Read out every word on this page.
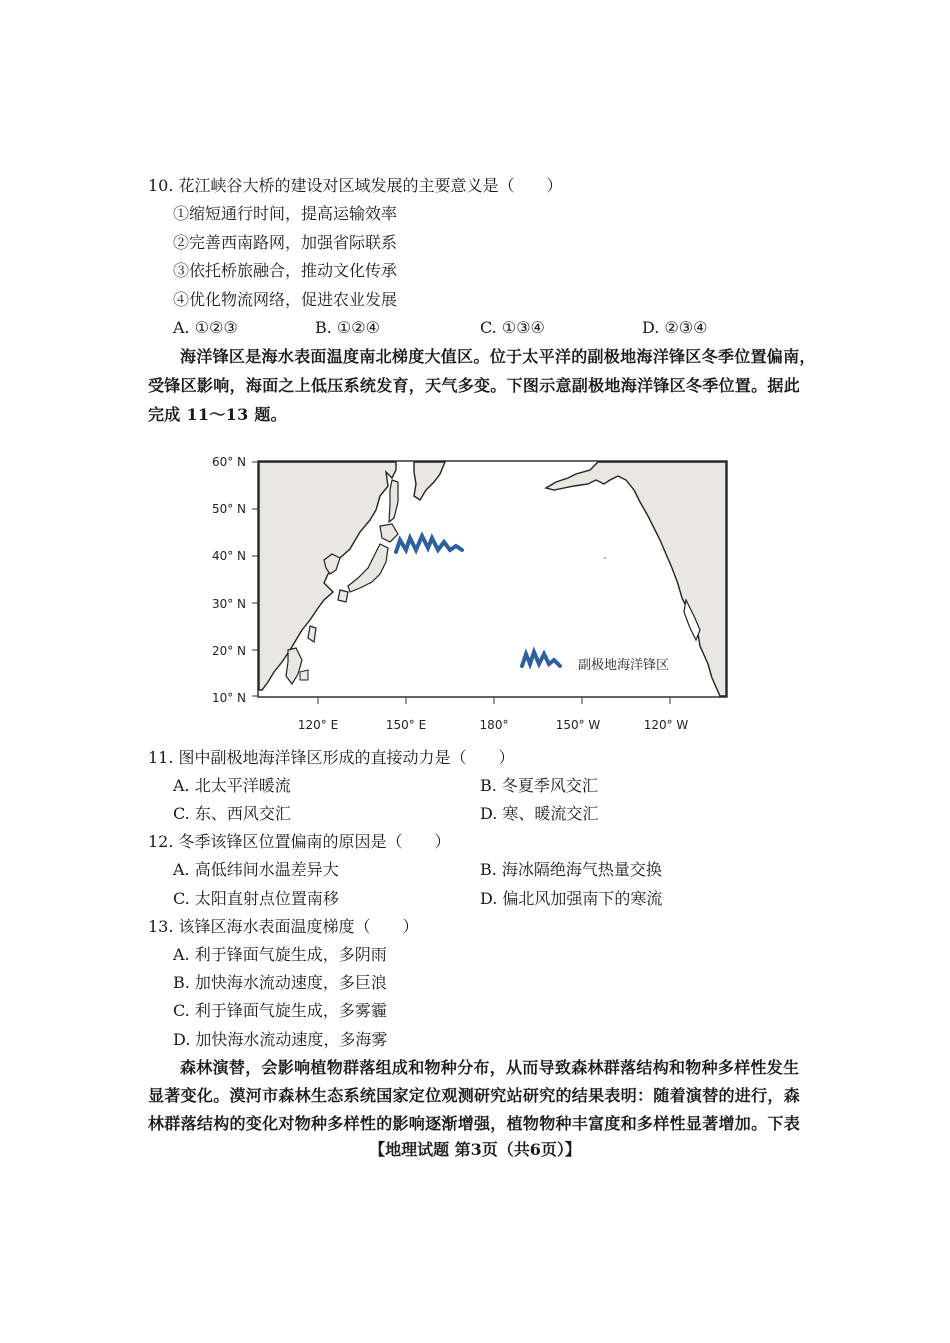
10. 花江峡谷大桥的建设对区域发展的主要意义是（　　）
①缩短通行时间，提高运输效率
②完善西南路网，加强省际联系
③依托桥旅融合，推动文化传承
④优化物流网络，促进农业发展
A. ①②③	B. ①②④	C. ①③④	D. ②③④
海洋锋区是海水表面温度南北梯度大值区。位于太平洋的副极地海洋锋区冬季位置偏南，
受锋区影响，海面之上低压系统发育，天气多变。下图示意副极地海洋锋区冬季位置。据此
完成 11～13 题。
副极地海洋锋区
60° N
50° N
40° N
30° N
20° N
10° N
120° E	150° E	180°	150° W	120° W
11. 图中副极地海洋锋区形成的直接动力是（　　）
A. 北太平洋暖流	B. 冬夏季风交汇
C. 东、西风交汇	D. 寒、暖流交汇
12. 冬季该锋区位置偏南的原因是（　　）
A. 高低纬间水温差异大	B. 海冰隔绝海气热量交换
C. 太阳直射点位置南移	D. 偏北风加强南下的寒流
13. 该锋区海水表面温度梯度（　　）
A. 利于锋面气旋生成，多阴雨
B. 加快海水流动速度，多巨浪
C. 利于锋面气旋生成，多雾霾
D. 加快海水流动速度，多海雾
森林演替，会影响植物群落组成和物种分布，从而导致森林群落结构和物种多样性发生
显著变化。漠河市森林生态系统国家定位观测研究站研究的结果表明：随着演替的进行，森
林群落结构的变化对物种多样性的影响逐渐增强，植物物种丰富度和多样性显著增加。下表
【地理试题 第3页（共6页）】
